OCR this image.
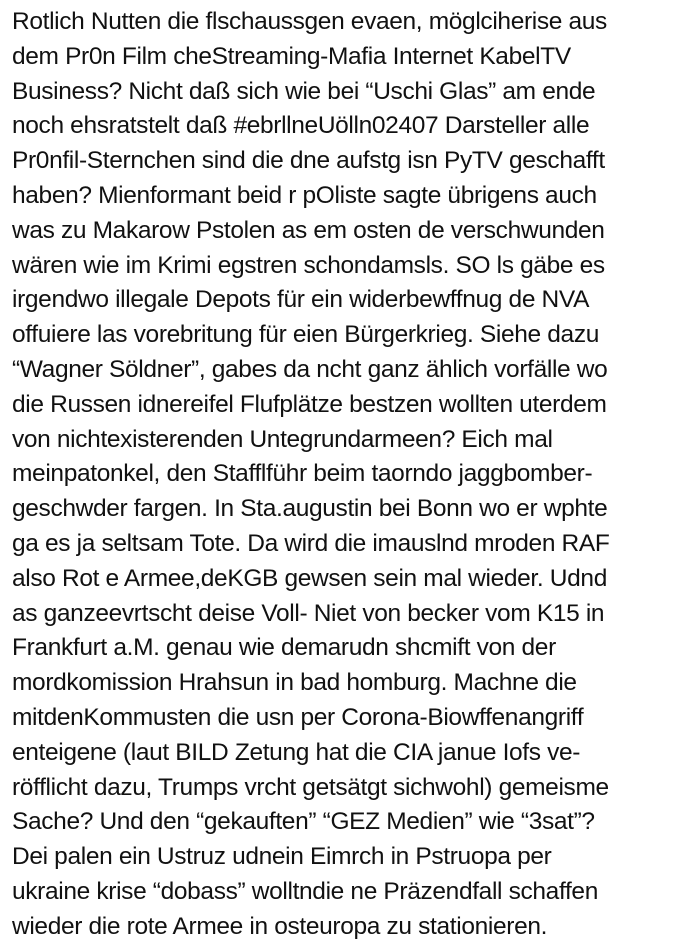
Rotlich Nutten die flschaussgen evaen, möglciherise aus
dem Pr0n Film cheStreaming-Mafia Internet KabelTV
Business? Nicht daß sich wie bei “Uschi Glas” am ende
noch ehsratstelt daß #ebrllneUölln02407 Darsteller alle
Pr0nfil-Sternchen sind die dne aufstg isn PyTV geschafft
haben? Mienformant beid r pOliste sagte übrigens auch
was zu Makarow Pstolen as em osten de verschwunden
wären wie im Krimi egstren schondamsls. SO ls gäbe es
irgendwo illegale Depots für ein widerbewffnug de NVA
offuiere las vorebritung für eien Bürgerkrieg. Siehe dazu
“Wagner Söldner”, gabes da ncht ganz ählich vorfälle wo
die Russen idnereifel Flufplätze bestzen wollten uterdem
von nichtexisterenden Untegrundarmeen? Eich mal
meinpatonkel, den Stafflführ beim taorndo jaggbomber-
geschwder fargen. In Sta.augustin bei Bonn wo er wphte
ga es ja seltsam Tote. Da wird die imauslnd mroden RAF
also Rot e Armee,deKGB gewsen sein mal wieder. Udnd
as ganzeevrtscht deise Voll- Niet von becker vom K15 in
Frankfurt a.M. genau wie demarudn shcmift von der
mordkomission Hrahsun in bad homburg. Machne die
mitdenKommusten die usn per Corona-Biowffenangriff
enteigene (laut BILD Zetung hat die CIA janue Iofs ve-
röfflicht dazu, Trumps vrcht getsätgt sichwohl) gemeisme
Sache? Und den “gekauften” “GEZ Medien” wie “3sat”?
Dei palen ein Ustruz udnein Eimrch in Pstruopa per
ukraine krise “dobass” wolltndie ne Präzendfall schaffen
wieder die rote Armee in osteuropa zu stationieren.
